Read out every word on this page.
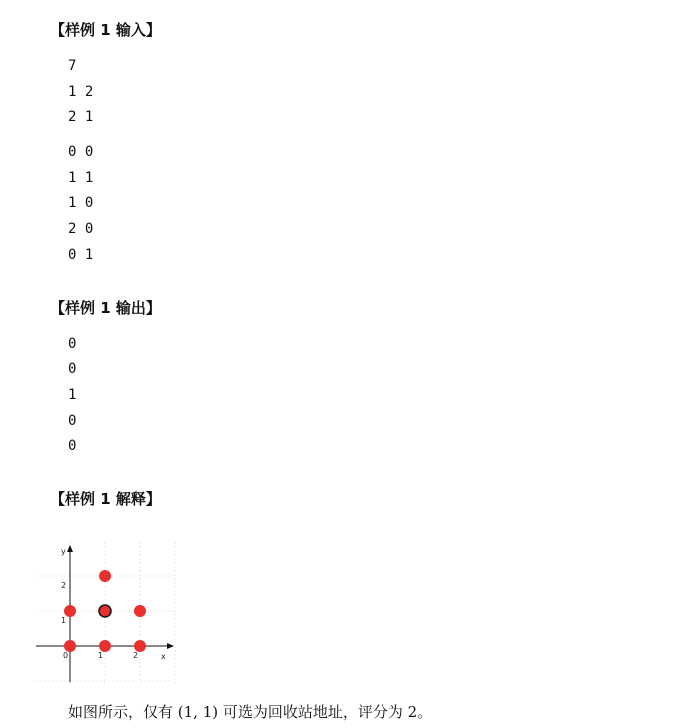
【样例 1 输入】
7
1 2
2 1
0 0
1 1
1 0
2 0
0 1
【样例 1 输出】
0
0
1
0
0
【样例 1 解释】
x
y
0	1	2
1
2
如图所示，仅有 (1, 1) 可选为回收站地址，评分为 2。
